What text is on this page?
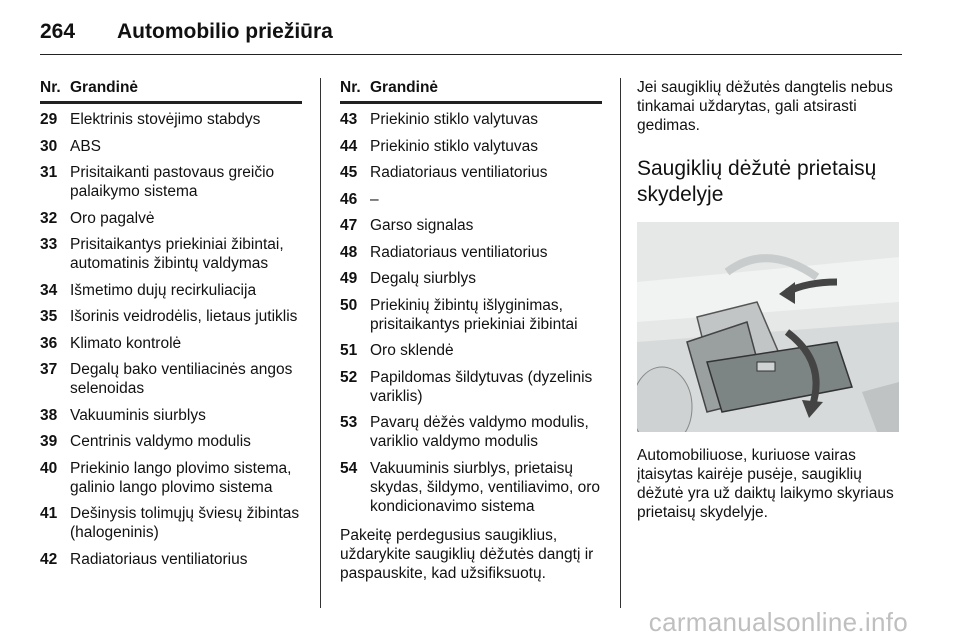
264 Automobilio priežiūra
Nr. Grandinė
29 Elektrinis stovėjimo stabdys
30 ABS
31 Prisitaikanti pastovaus greičio palaikymo sistema
32 Oro pagalvė
33 Prisitaikantys priekiniai žibintai, automatinis žibintų valdymas
34 Išmetimo dujų recirkuliacija
35 Išorinis veidrodėlis, lietaus jutiklis
36 Klimato kontrolė
37 Degalų bako ventiliacinės angos selenoidas
38 Vakuuminis siurblys
39 Centrinis valdymo modulis
40 Priekinio lango plovimo sistema, galinio lango plovimo sistema
41 Dešinysis tolimųjų šviesų žibintas (halogeninis)
42 Radiatoriaus ventiliatorius
Nr. Grandinė
43 Priekinio stiklo valytuvas
44 Priekinio stiklo valytuvas
45 Radiatoriaus ventiliatorius
46 –
47 Garso signalas
48 Radiatoriaus ventiliatorius
49 Degalų siurblys
50 Priekinių žibintų išlyginimas, prisitaikantys priekiniai žibintai
51 Oro sklendė
52 Papildomas šildytuvas (dyzelinis variklis)
53 Pavarų dėžės valdymo modulis, variklio valdymo modulis
54 Vakuuminis siurblys, prietaisų skydas, šildymo, ventiliavimo, oro kondicionavimo sistema
Pakeitę perdegusius saugiklius, uždarykite saugiklių dėžutės dangtį ir paspauskite, kad užsifiksuotų.
Jei saugiklių dėžutės dangtelis nebus tinkamai uždarytas, gali atsirasti gedimas.
Saugiklių dėžutė prietaisų skydelyje
Automobiliuose, kuriuose vairas įtaisytas kairėje pusėje, saugiklių dėžutė yra už daiktų laikymo skyriaus prietaisų skydelyje.
carmanualsonline.info
